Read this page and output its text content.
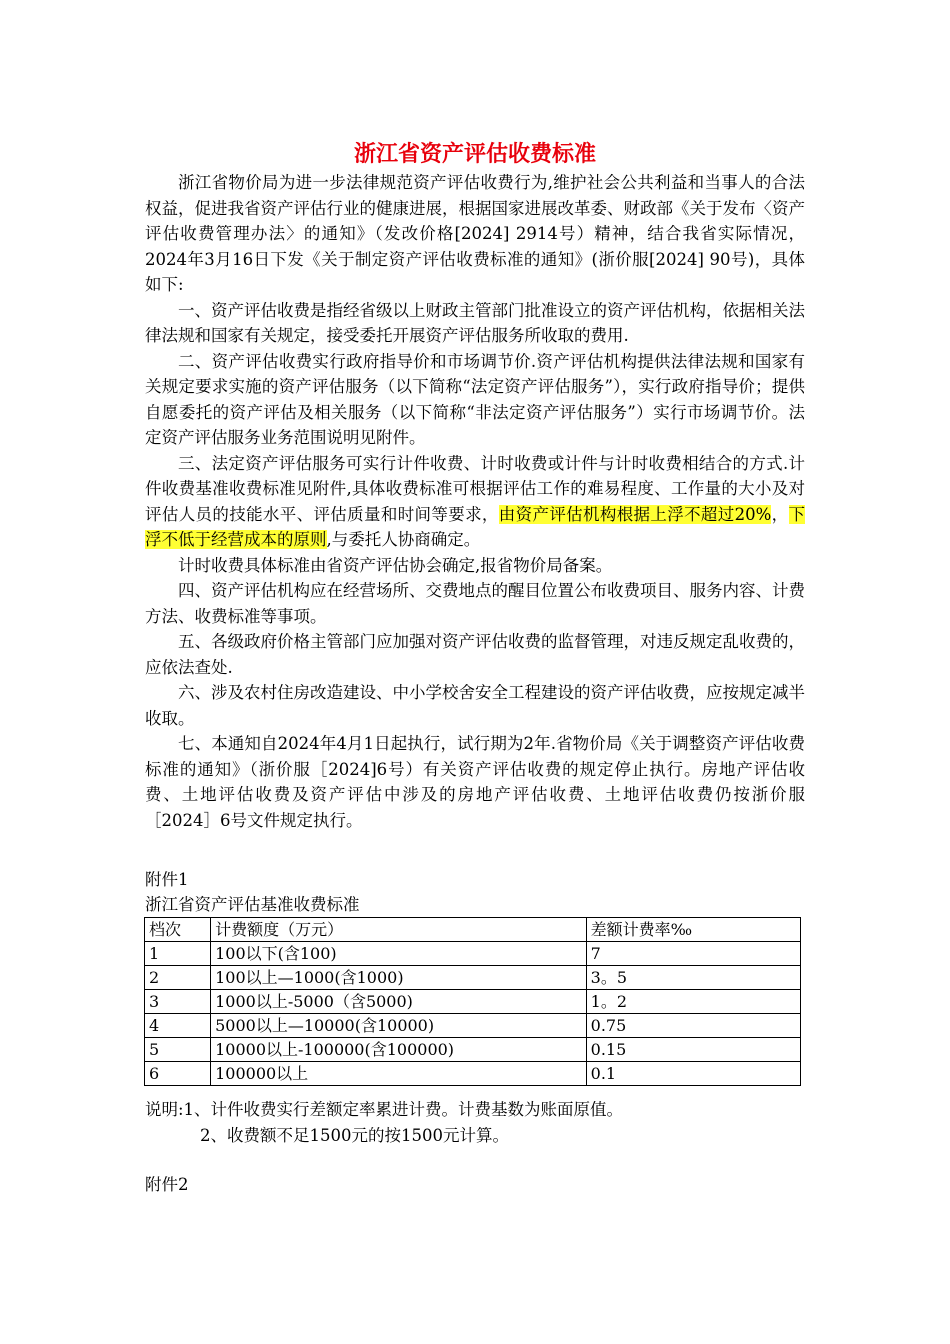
浙江省资产评估收费标准

浙江省物价局为进一步法律规范资产评估收费行为,维护社会公共利益和当事人的合法权益，促进我省资产评估行业的健康进展，根据国家进展改革委、财政部《关于发布〈资产评估收费管理办法〉的通知》（发改价格[2024] 2914号）精神，结合我省实际情况，2024年3月16日下发《关于制定资产评估收费标准的通知》(浙价服[2024] 90号)，具体如下:

一、资产评估收费是指经省级以上财政主管部门批准设立的资产评估机构，依据相关法律法规和国家有关规定，接受委托开展资产评估服务所收取的费用.

二、资产评估收费实行政府指导价和市场调节价.资产评估机构提供法律法规和国家有关规定要求实施的资产评估服务（以下简称“法定资产评估服务”），实行政府指导价；提供自愿委托的资产评估及相关服务（以下简称“非法定资产评估服务”）实行市场调节价。法定资产评估服务业务范围说明见附件。

三、法定资产评估服务可实行计件收费、计时收费或计件与计时收费相结合的方式.计件收费基准收费标准见附件,具体收费标准可根据评估工作的难易程度、工作量的大小及对评估人员的技能水平、评估质量和时间等要求，由资产评估机构根据上浮不超过20%，下浮不低于经营成本的原则,与委托人协商确定。

计时收费具体标准由省资产评估协会确定,报省物价局备案。

四、资产评估机构应在经营场所、交费地点的醒目位置公布收费项目、服务内容、计费方法、收费标准等事项。

五、各级政府价格主管部门应加强对资产评估收费的监督管理，对违反规定乱收费的，应依法查处.

六、涉及农村住房改造建设、中小学校舍安全工程建设的资产评估收费，应按规定减半收取。

七、本通知自2024年4月1日起执行，试行期为2年.省物价局《关于调整资产评估收费标准的通知》（浙价服［2024]6号）有关资产评估收费的规定停止执行。房地产评估收费、土地评估收费及资产评估中涉及的房地产评估收费、土地评估收费仍按浙价服［2024］6号文件规定执行。

附件1
浙江省资产评估基准收费标准
档次	计费额度（万元）	差额计费率‰
1	100以下(含100)	7
2	100以上—1000(含1000)	3。5
3	1000以上-5000（含5000)	1。2
4	5000以上—10000(含10000)	0.75
5	10000以上-100000(含100000)	0.15
6	100000以上	0.1
说明:1、计件收费实行差额定率累进计费。计费基数为账面原值。
2、收费额不足1500元的按1500元计算。
附件2
